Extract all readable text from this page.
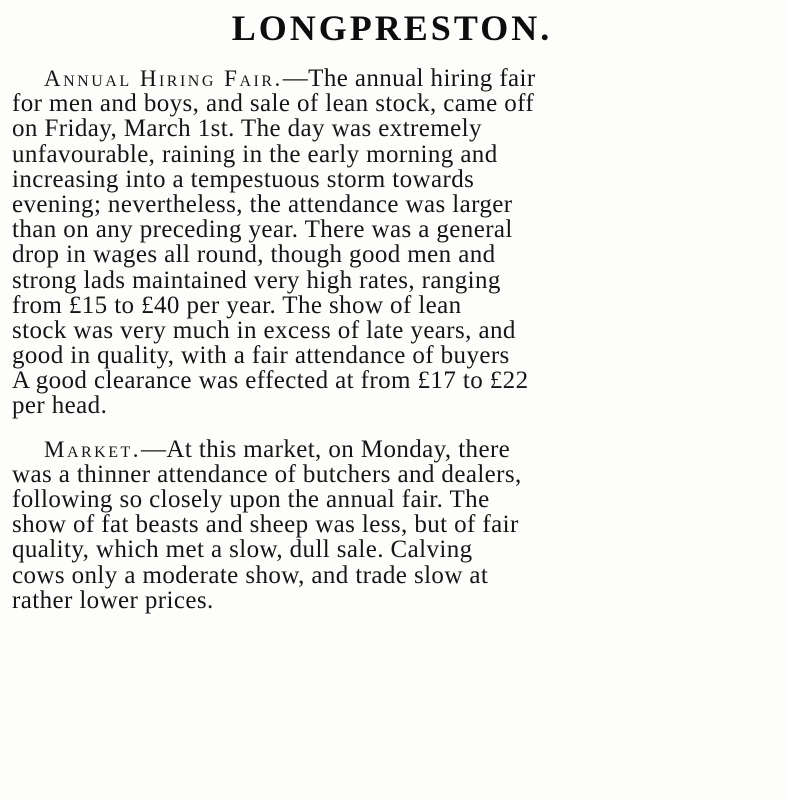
LONGPRESTON.
Annual Hiring Fair.—The annual hiring fair
for men and boys, and sale of lean stock, came off
on Friday, March 1st. The day was extremely
unfavourable, raining in the early morning and
increasing into a tempestuous storm towards
evening; nevertheless, the attendance was larger
than on any preceding year. There was a general
drop in wages all round, though good men and
strong lads maintained very high rates, ranging
from £15 to £40 per year. The show of lean
stock was very much in excess of late years, and
good in quality, with a fair attendance of buyers
A good clearance was effected at from £17 to £22
per head.
Market.—At this market, on Monday, there
was a thinner attendance of butchers and dealers,
following so closely upon the annual fair. The
show of fat beasts and sheep was less, but of fair
quality, which met a slow, dull sale. Calving
cows only a moderate show, and trade slow at
rather lower prices.
